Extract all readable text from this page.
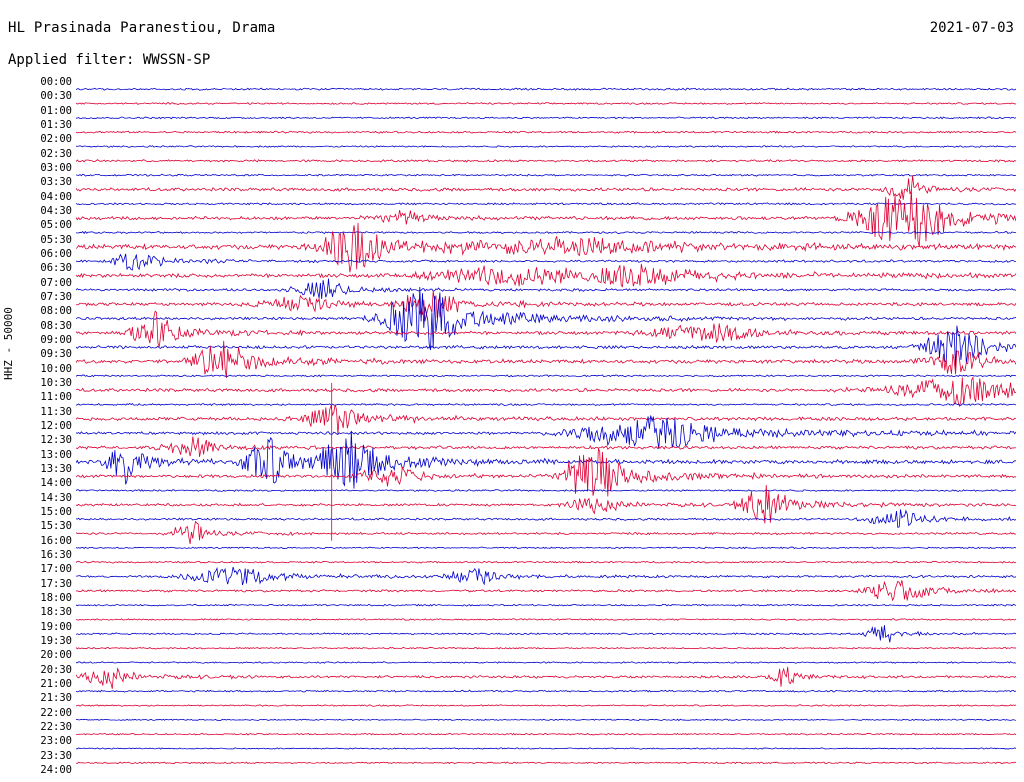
HL Prasinada Paranestiou, Drama	2021-07-03
Applied filter: WWSSN-SP
HHZ - 50000
00:00
00:30
01:00
01:30
02:00
02:30
03:00
03:30
04:00
04:30
05:00
05:30
06:00
06:30
07:00
07:30
08:00
08:30
09:00
09:30
10:00
10:30
11:00
11:30
12:00
12:30
13:00
13:30
14:00
14:30
15:00
15:30
16:00
16:30
17:00
17:30
18:00
18:30
19:00
19:30
20:00
20:30
21:00
21:30
22:00
22:30
23:00
23:30
24:00
